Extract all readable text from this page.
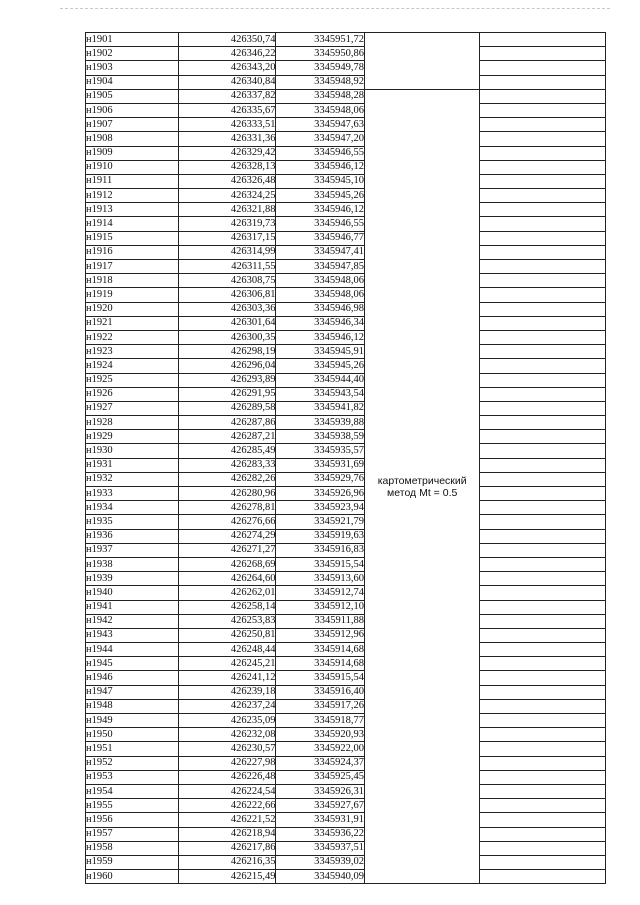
н1901	426350,74	3345951,72		
н1902	426346,22	3345950,86		
н1903	426343,20	3345949,78		
н1904	426340,84	3345948,92		
н1905	426337,82	3345948,28	картометрический
метод Mt = 0.5	

н1906	426335,67	3345948,06		
н1907	426333,51	3345947,63		
н1908	426331,36	3345947,20		
н1909	426329,42	3345946,55		
н1910	426328,13	3345946,12		
н1911	426326,48	3345945,10		
н1912	426324,25	3345945,26		
н1913	426321,88	3345946,12		
н1914	426319,73	3345946,55		
н1915	426317,15	3345946,77		
н1916	426314,99	3345947,41		
н1917	426311,55	3345947,85		
н1918	426308,75	3345948,06		
н1919	426306,81	3345948,06		
н1920	426303,36	3345946,98		
н1921	426301,64	3345946,34		
н1922	426300,35	3345946,12		
н1923	426298,19	3345945,91		
н1924	426296,04	3345945,26		
н1925	426293,89	3345944,40		
н1926	426291,95	3345943,54		
н1927	426289,58	3345941,82		
н1928	426287,86	3345939,88		
н1929	426287,21	3345938,59		
н1930	426285,49	3345935,57		
н1931	426283,33	3345931,69		
н1932	426282,26	3345929,76		
н1933	426280,96	3345926,96		
н1934	426278,81	3345923,94		
н1935	426276,66	3345921,79		
н1936	426274,29	3345919,63		
н1937	426271,27	3345916,83		
н1938	426268,69	3345915,54		
н1939	426264,60	3345913,60		
н1940	426262,01	3345912,74		
н1941	426258,14	3345912,10		
н1942	426253,83	3345911,88		
н1943	426250,81	3345912,96		
н1944	426248,44	3345914,68		
н1945	426245,21	3345914,68		
н1946	426241,12	3345915,54		
н1947	426239,18	3345916,40		
н1948	426237,24	3345917,26		
н1949	426235,09	3345918,77		
н1950	426232,08	3345920,93		
н1951	426230,57	3345922,00		
н1952	426227,98	3345924,37		
н1953	426226,48	3345925,45		
н1954	426224,54	3345926,31		
н1955	426222,66	3345927,67		
н1956	426221,52	3345931,91		
н1957	426218,94	3345936,22		
н1958	426217,86	3345937,51		
н1959	426216,35	3345939,02		
н1960	426215,49	3345940,09		
